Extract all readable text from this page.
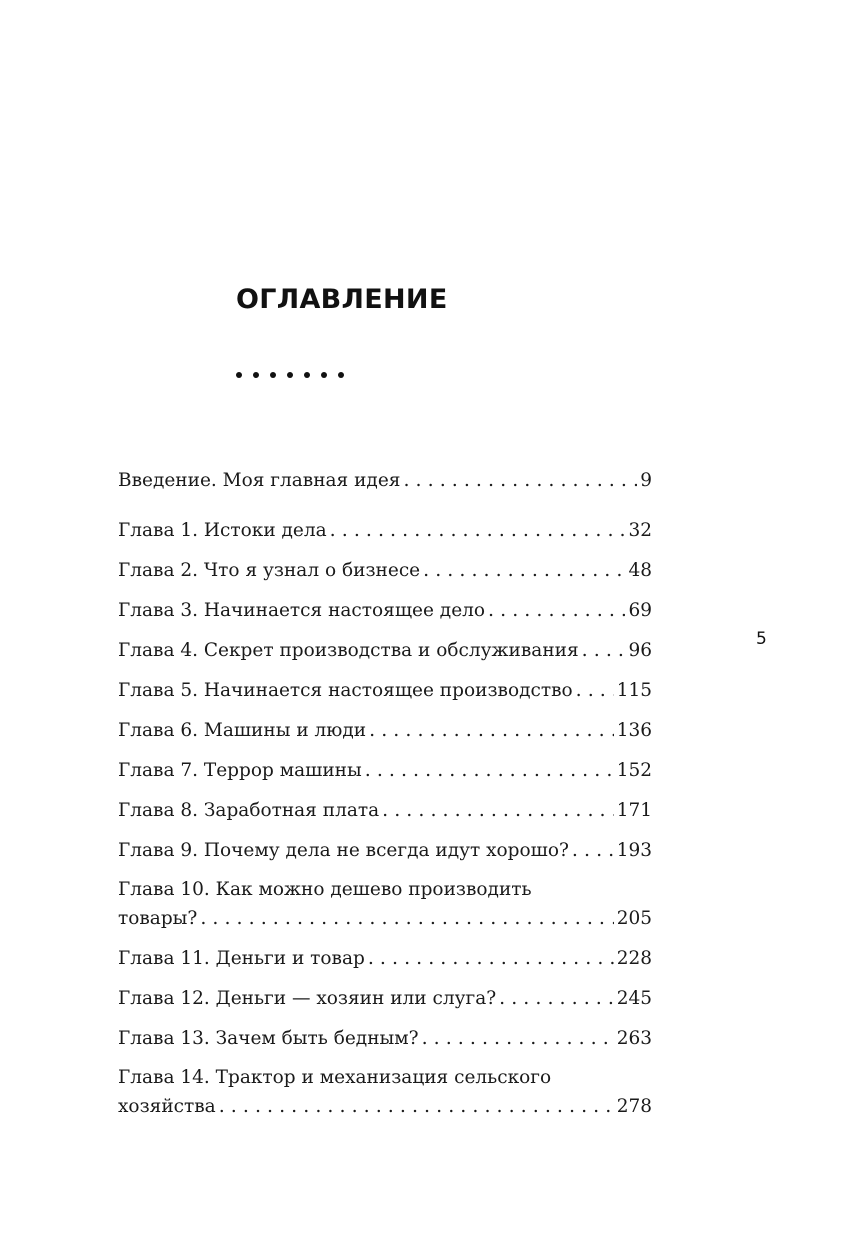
ОГЛАВЛЕНИЕ
Введение. Моя главная идея . . .	9
Глава 1. Истоки дела . . .	32
Глава 2. Что я узнал о бизнесе . . .	48
Глава 3. Начинается настоящее дело . . .	69
Глава 4. Секрет производства и обслуживания . . .	96
Глава 5. Начинается настоящее производство . . . 115
Глава 6. Машины и люди . . .	136
Глава 7. Террор машины . . .	152
Глава 8. Заработная плата . . .	171
Глава 9. Почему дела не всегда идут хорошо? . . .	193
Глава 10. Как можно дешево производить
товары? . . .	205
Глава 11. Деньги и товар . . .	228
Глава 12. Деньги — хозяин или слуга? . . .	245
Глава 13. Зачем быть бедным? . . .	263
Глава 14. Трактор и механизация сельского
хозяйства . . .	278
5
